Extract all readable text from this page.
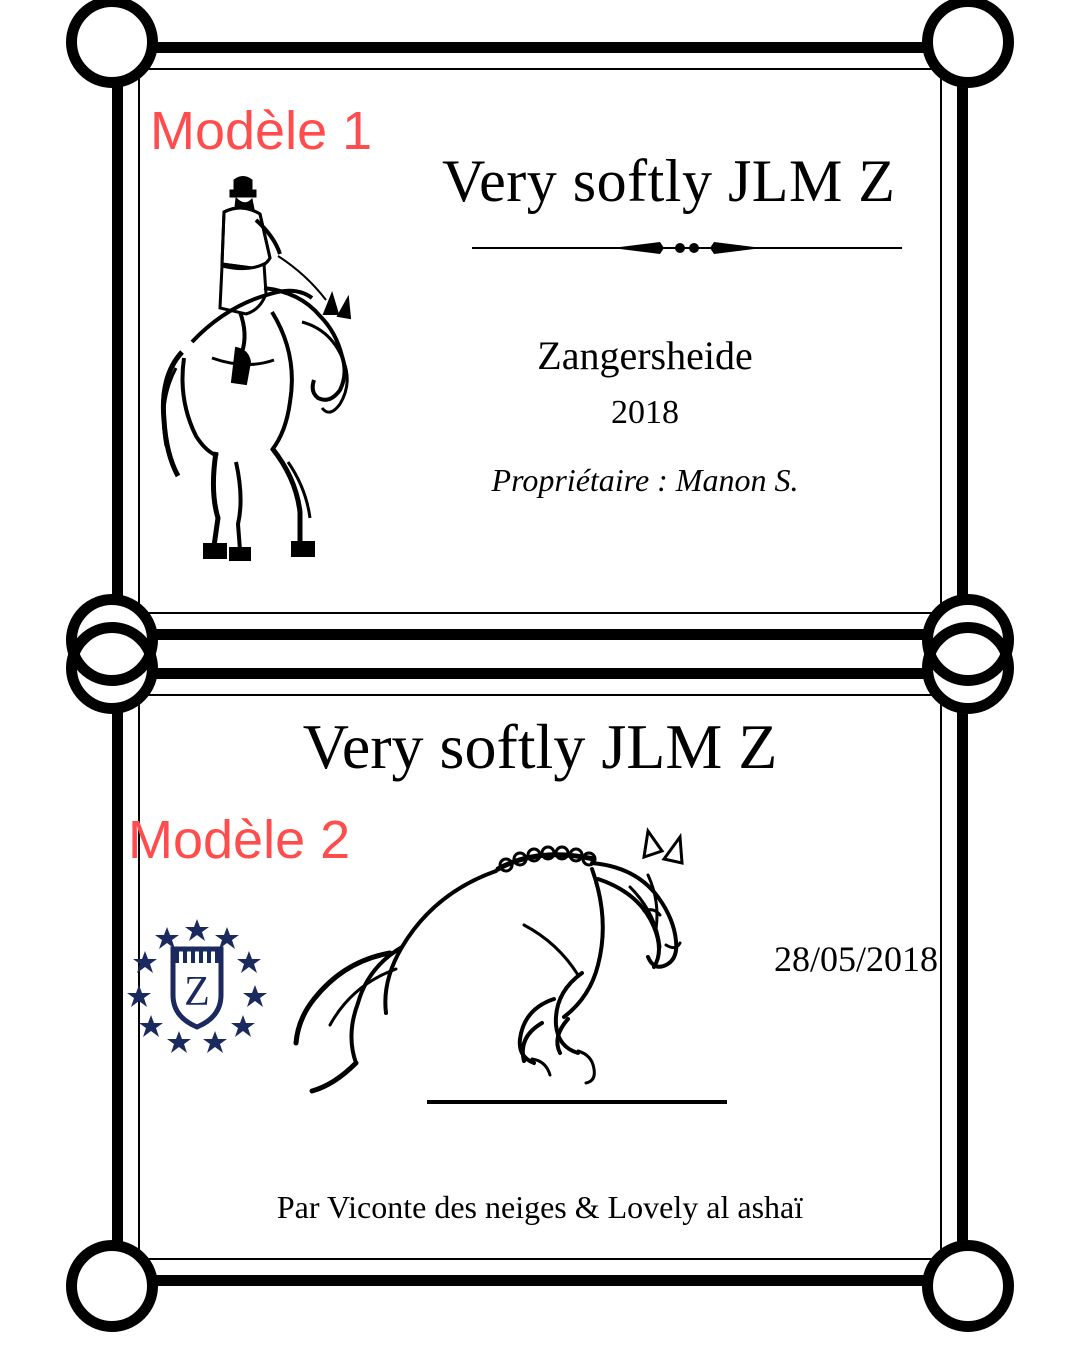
Modèle 1
Very softly JLM Z
Zangersheide
2018
Propriétaire : Manon S.
Very softly JLM Z
Modèle 2
Z
28/05/2018
Par Viconte des neiges & Lovely al ashaï
